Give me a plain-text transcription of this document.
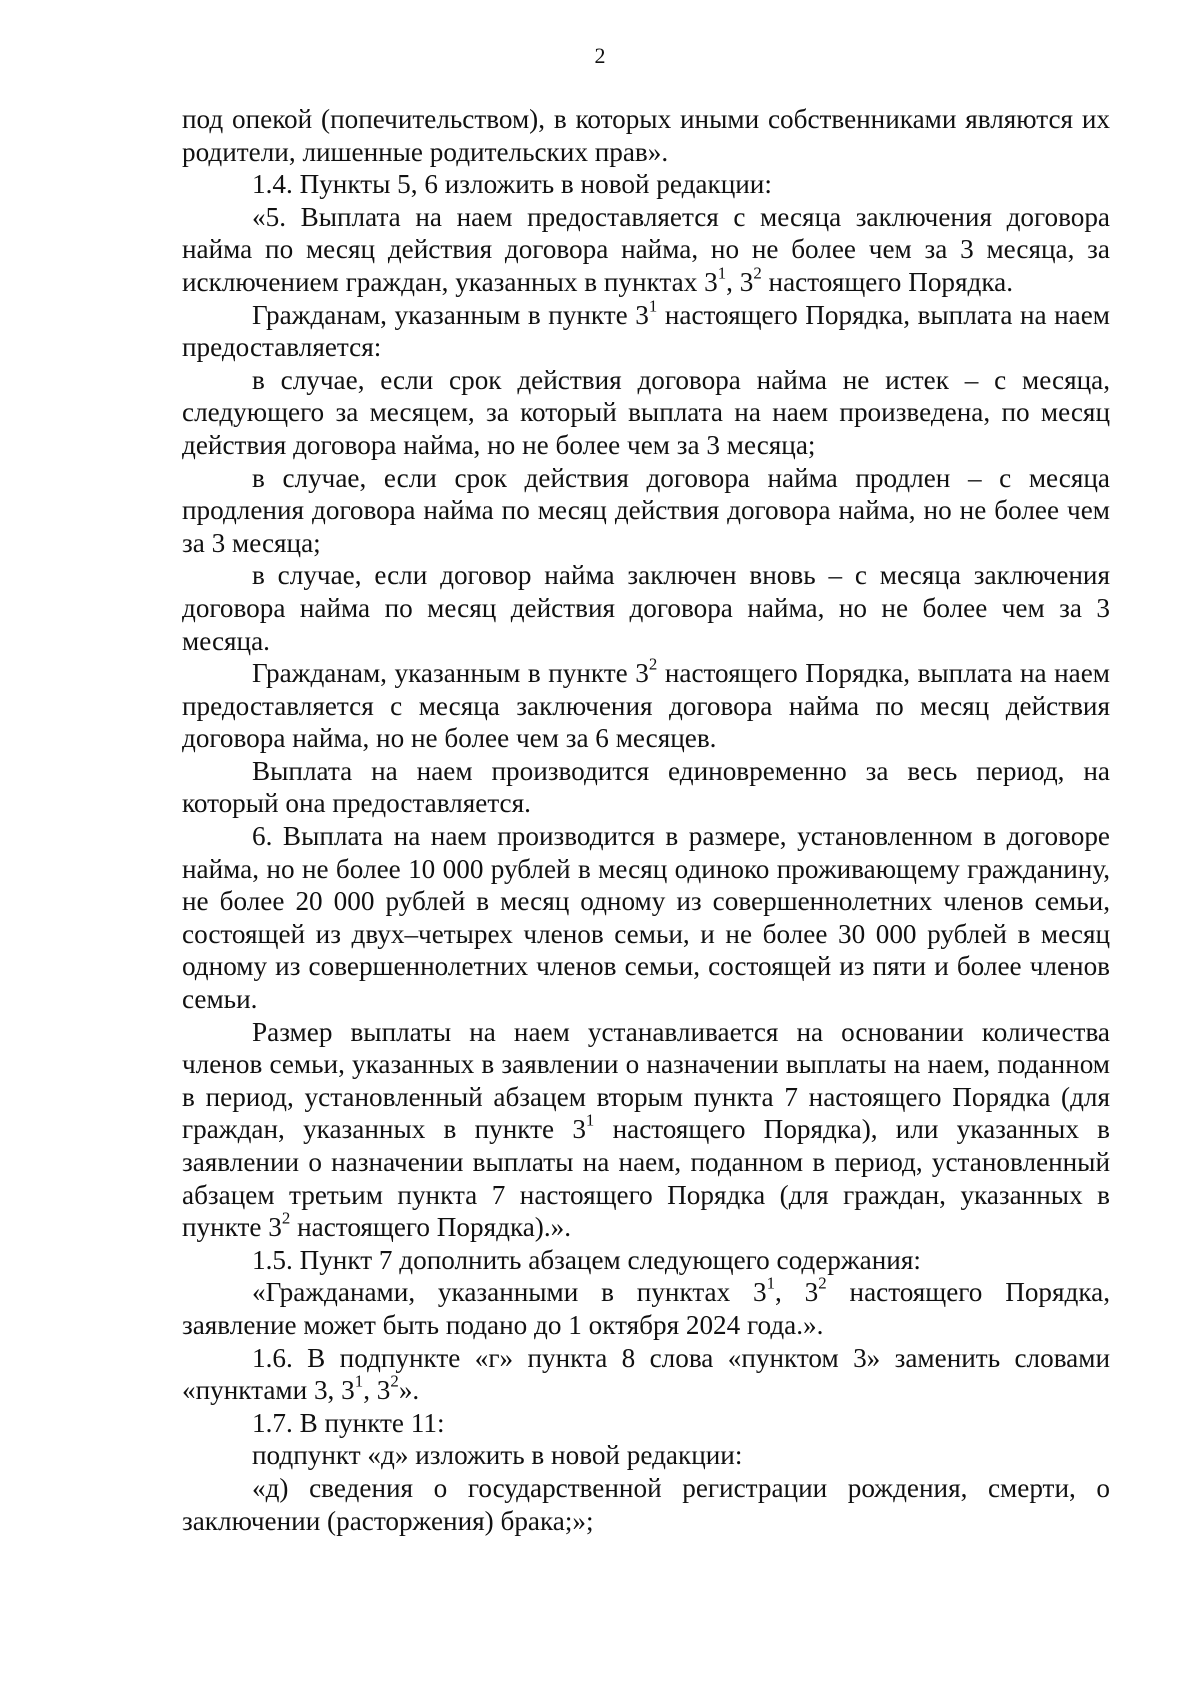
2

под опекой (попечительством), в которых иными собственниками являются их родители, лишенные родительских прав».

1.4. Пункты 5, 6 изложить в новой редакции:

«5. Выплата на наем предоставляется с месяца заключения договора найма по месяц действия договора найма, но не более чем за 3 месяца, за исключением граждан, указанных в пунктах $3^1$, $3^2$ настоящего Порядка.

Гражданам, указанным в пункте $3^1$ настоящего Порядка, выплата на наем предоставляется:

в случае, если срок действия договора найма не истек – с месяца, следующего за месяцем, за который выплата на наем произведена, по месяц действия договора найма, но не более чем за 3 месяца;

в случае, если срок действия договора найма продлен – с месяца продления договора найма по месяц действия договора найма, но не более чем за 3 месяца;

в случае, если договор найма заключен вновь – с месяца заключения договора найма по месяц действия договора найма, но не более чем за 3 месяца.

Гражданам, указанным в пункте $3^2$ настоящего Порядка, выплата на наем предоставляется с месяца заключения договора найма по месяц действия договора найма, но не более чем за 6 месяцев.

Выплата на наем производится единовременно за весь период, на который она предоставляется.

6. Выплата на наем производится в размере, установленном в договоре найма, но не более 10 000 рублей в месяц одиноко проживающему гражданину, не более 20 000 рублей в месяц одному из совершеннолетних членов семьи, состоящей из двух–четырех членов семьи, и не более 30 000 рублей в месяц одному из совершеннолетних членов семьи, состоящей из пяти и более членов семьи.

Размер выплаты на наем устанавливается на основании количества членов семьи, указанных в заявлении о назначении выплаты на наем, поданном в период, установленный абзацем вторым пункта 7 настоящего Порядка (для граждан, указанных в пункте $3^1$ настоящего Порядка), или указанных в заявлении о назначении выплаты на наем, поданном в период, установленный абзацем третьим пункта 7 настоящего Порядка (для граждан, указанных в пункте $3^2$ настоящего Порядка).».

1.5. Пункт 7 дополнить абзацем следующего содержания:

«Гражданами, указанными в пунктах $3^1$, $3^2$ настоящего Порядка, заявление может быть подано до 1 октября 2024 года.».

1.6. В подпункте «г» пункта 8 слова «пунктом 3» заменить словами «пунктами 3, $3^1$, $3^2$».

1.7. В пункте 11:

подпункт «д» изложить в новой редакции:

«д) сведения о государственной регистрации рождения, смерти, о заключении (расторжения) брака;»;
